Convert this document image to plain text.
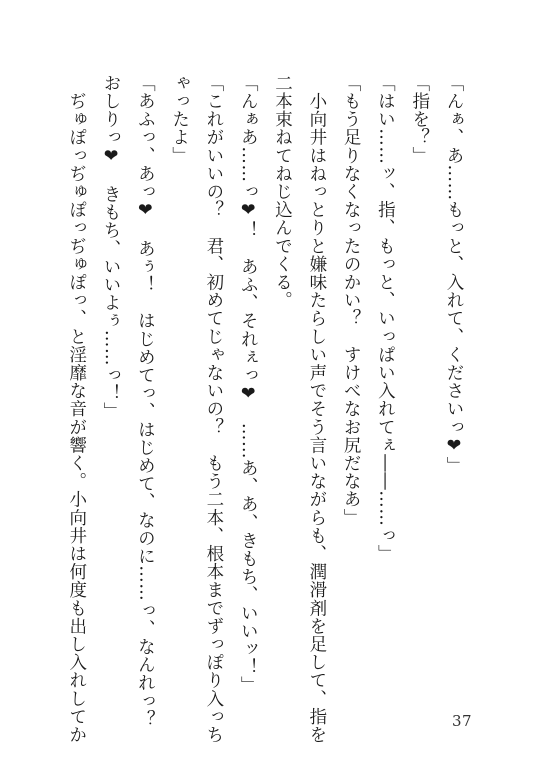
「んぁ、あ……もっと、入れて、くださいっ❤」
「指を？」
「はい……ッ、指、もっと、いっぱい入れてぇ――……っ」
「もう足りなくなったのかい？　すけべなお尻だなあ」
　小向井はねっとりと嫌味たらしい声でそう言いながらも、潤滑剤を足して、指を
二本束ねてねじ込んでくる。
「んぁあ……っ❤！　あふ、それぇっ❤　……あ、あ、きもち、いいッ！」
「これがいいの？　君、初めてじゃないの？　もう二本、根本までずっぽり入っち
ゃったよ」
「あふっ、あっ❤　あぅ！　はじめてっ、はじめて、なのに……っ、なんれっ？
おしりっ❤　きもち、いいよぅ……っ！」
　ぢゅぽっぢゅぽっぢゅぽっ、と淫靡な音が響く。小向井は何度も出し入れしてか	37
